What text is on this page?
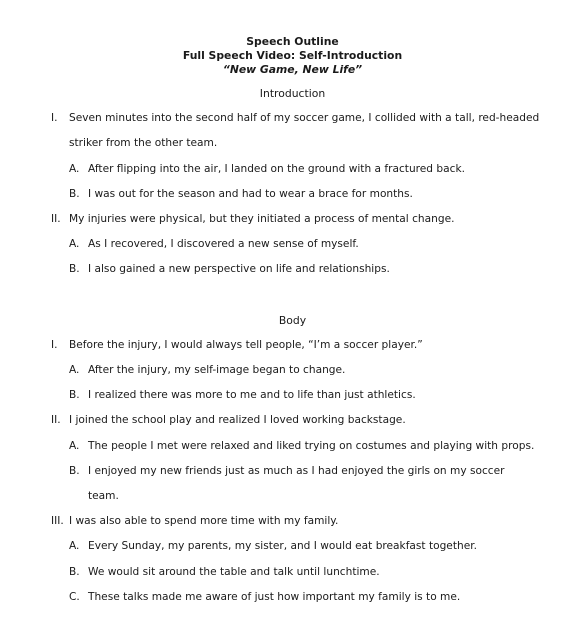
Speech Outline
Full Speech Video: Self-Introduction
“New Game, New Life”
Introduction
I. Seven minutes into the second half of my soccer game, I collided with a tall, red-headed
striker from the other team.
A. After flipping into the air, I landed on the ground with a fractured back.
B. I was out for the season and had to wear a brace for months.
II. My injuries were physical, but they initiated a process of mental change.
A. As I recovered, I discovered a new sense of myself.
B. I also gained a new perspective on life and relationships.
Body
I. Before the injury, I would always tell people, “I’m a soccer player.”
A. After the injury, my self-image began to change.
B. I realized there was more to me and to life than just athletics.
II. I joined the school play and realized I loved working backstage.
A. The people I met were relaxed and liked trying on costumes and playing with props.
B. I enjoyed my new friends just as much as I had enjoyed the girls on my soccer
team.
III. I was also able to spend more time with my family.
A. Every Sunday, my parents, my sister, and I would eat breakfast together.
B. We would sit around the table and talk until lunchtime.
C. These talks made me aware of just how important my family is to me.
